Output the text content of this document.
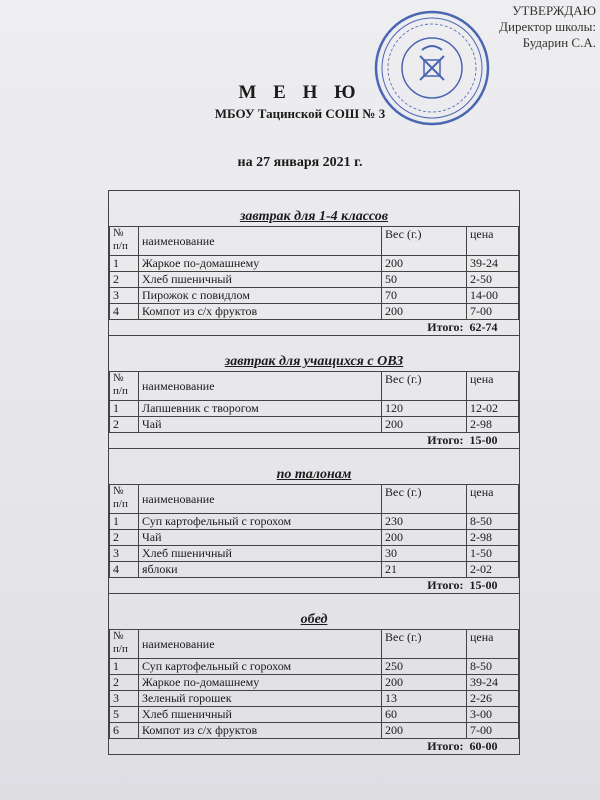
УТВЕРЖДАЮ
Директор школы:
Бударин С.А.
М Е Н Ю
МБОУ Тацинской СОШ № 3
на 27 января 2021 г.
завтрак для 1-4 классов
№ п/п	наименование	Вес (г.)	цена
1	Жаркое по-домашнему	200	39-24
2	Хлеб пшеничный	50	2-50
3	Пирожок с повидлом	70	14-00
4	Компот из с/х фруктов	200	7-00
Итого:			62-74
завтрак для учащихся с ОВЗ
№ п/п	наименование	Вес (г.)	цена
1	Лапшевник с творогом	120	12-02
2	Чай	200	2-98
Итого:			15-00
по талонам
№ п/п	наименование	Вес (г.)	цена
1	Суп картофельный с горохом	230	8-50
2	Чай	200	2-98
3	Хлеб пшеничный	30	1-50
4	яблоки	21	2-02
Итого:			15-00
обед
№ п/п	наименование	Вес (г.)	цена
1	Суп картофельный с горохом	250	8-50
2	Жаркое по-домашнему	200	39-24
3	Зеленый горошек	13	2-26
5	Хлеб пшеничный	60	3-00
6	Компот из с/х фруктов	200	7-00
Итого:			60-00
